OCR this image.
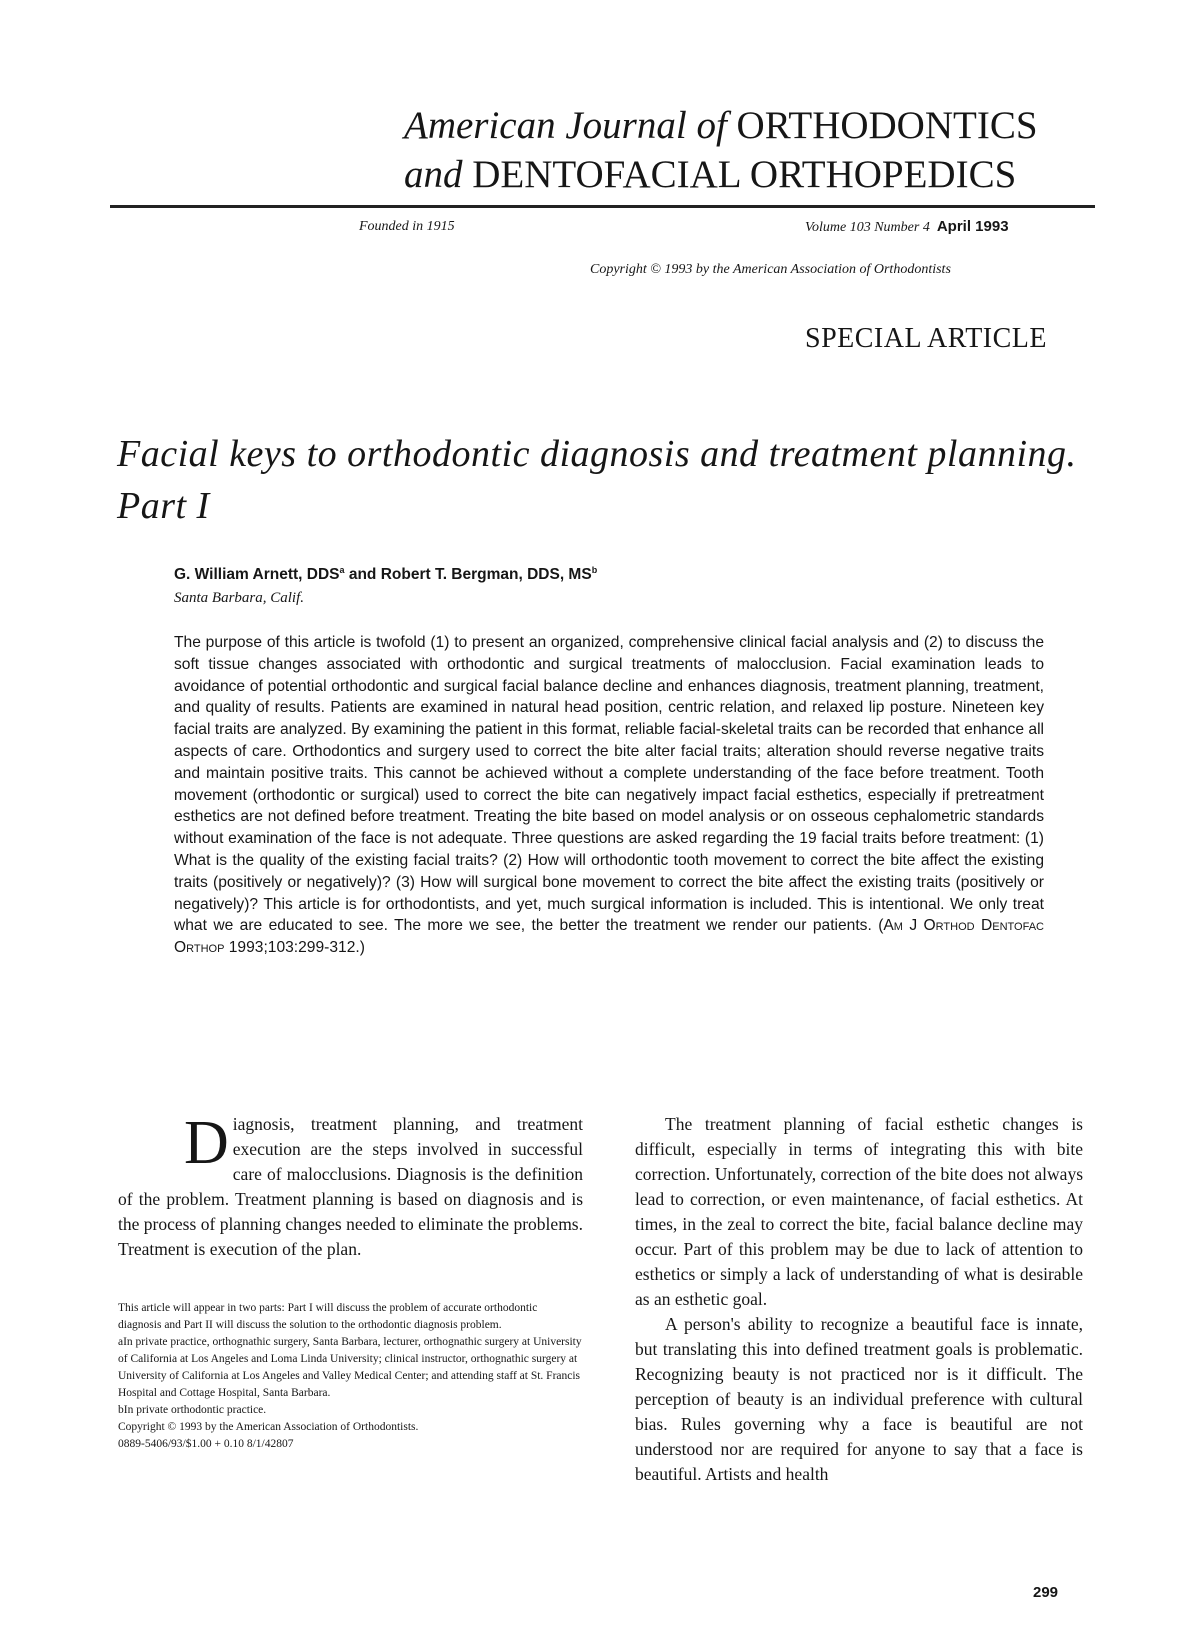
American Journal of ORTHODONTICS
and DENTOFACIAL ORTHOPEDICS
Founded in 1915	Volume 103 Number 4 April 1993
Copyright © 1993 by the American Association of Orthodontists
SPECIAL ARTICLE
Facial keys to orthodontic diagnosis and treatment planning. Part I
G. William Arnett, DDS$^a$ and Robert T. Bergman, DDS, $MS^b$
Santa Barbara, Calif.
The purpose of this article is twofold (1) to present an organized, comprehensive clinical facial analysis and (2) to discuss the soft tissue changes associated with orthodontic and surgical treatments of malocclusion. Facial examination leads to avoidance of potential orthodontic and surgical facial balance decline and enhances diagnosis, treatment planning, treatment, and quality of results. Patients are examined in natural head position, centric relation, and relaxed lip posture. Nineteen key facial traits are analyzed. By examining the patient in this format, reliable facial-skeletal traits can be recorded that enhance all aspects of care. Orthodontics and surgery used to correct the bite alter facial traits; alteration should reverse negative traits and maintain positive traits. This cannot be achieved without a complete understanding of the face before treatment. Tooth movement (orthodontic or surgical) used to correct the bite can negatively impact facial esthetics, especially if pretreatment esthetics are not defined before treatment. Treating the bite based on model analysis or on osseous cephalometric standards without examination of the face is not adequate. Three questions are asked regarding the 19 facial traits before treatment: (1) What is the quality of the existing facial traits? (2) How will orthodontic tooth movement to correct the bite affect the existing traits (positively or negatively)? (3) How will surgical bone movement to correct the bite affect the existing traits (positively or negatively)? This article is for orthodontists, and yet, much surgical information is included. This is intentional. We only treat what we are educated to see. The more we see, the better the treatment we render our patients. (Am J Orthod Dentofac Orthop 1993;103:299-312.)
Diagnosis, treatment planning, and treatment execution are the steps involved in successful care of malocclusions. Diagnosis is the definition of the problem. Treatment planning is based on diagnosis and is the process of planning changes needed to eliminate the problems. Treatment is execution of the plan.

This article will appear in two parts: Part I will discuss the problem of accurate orthodontic diagnosis and Part II will discuss the solution to the orthodontic diagnosis problem.

aIn private practice, orthognathic surgery, Santa Barbara, lecturer, orthognathic surgery at University of California at Los Angeles and Loma Linda University; clinical instructor, orthognathic surgery at University of California at Los Angeles and Valley Medical Center; and attending staff at St. Francis Hospital and Cottage Hospital, Santa Barbara.

bIn private orthodontic practice.

Copyright © 1993 by the American Association of Orthodontists.

0889-5406/93/$1.00 + 0.10 8/1/42807

The treatment planning of facial esthetic changes is difficult, especially in terms of integrating this with bite correction. Unfortunately, correction of the bite does not always lead to correction, or even maintenance, of facial esthetics. At times, in the zeal to correct the bite, facial balance decline may occur. Part of this problem may be due to lack of attention to esthetics or simply a lack of understanding of what is desirable as an esthetic goal.

A person's ability to recognize a beautiful face is innate, but translating this into defined treatment goals is problematic. Recognizing beauty is not practiced nor is it difficult. The perception of beauty is an individual preference with cultural bias. Rules governing why a face is beautiful are not understood nor are required for anyone to say that a face is beautiful. Artists and health

299
